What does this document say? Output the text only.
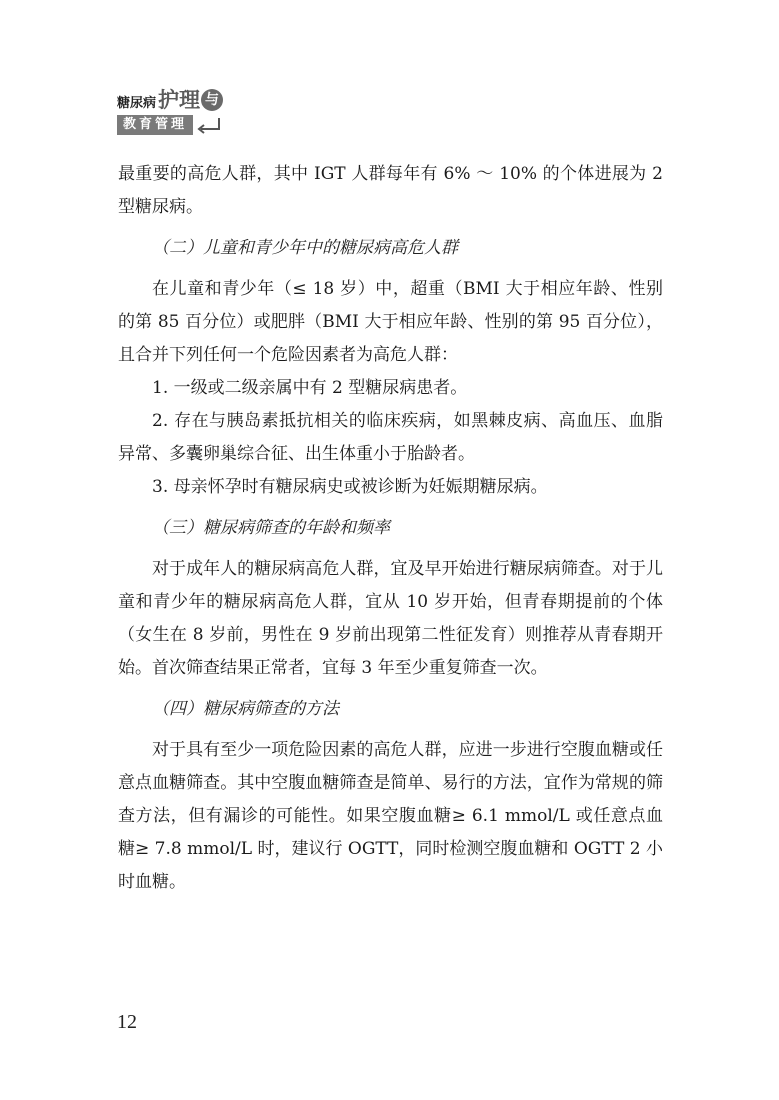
糖尿病 护理 与
教育管理

最重要的高危人群，其中 IGT 人群每年有 6% ～ 10% 的个体进展为 2 型糖尿病。

（二）儿童和青少年中的糖尿病高危人群

在儿童和青少年（≤ 18 岁）中，超重（BMI 大于相应年龄、性别的第 85 百分位）或肥胖（BMI 大于相应年龄、性别的第 95 百分位），且合并下列任何一个危险因素者为高危人群：

1. 一级或二级亲属中有 2 型糖尿病患者。

2. 存在与胰岛素抵抗相关的临床疾病，如黑棘皮病、高血压、血脂异常、多囊卵巢综合征、出生体重小于胎龄者。

3. 母亲怀孕时有糖尿病史或被诊断为妊娠期糖尿病。

（三）糖尿病筛查的年龄和频率

对于成年人的糖尿病高危人群，宜及早开始进行糖尿病筛查。对于儿童和青少年的糖尿病高危人群，宜从 10 岁开始，但青春期提前的个体（女生在 8 岁前，男性在 9 岁前出现第二性征发育）则推荐从青春期开始。首次筛查结果正常者，宜每 3 年至少重复筛查一次。

（四）糖尿病筛查的方法

对于具有至少一项危险因素的高危人群，应进一步进行空腹血糖或任意点血糖筛查。其中空腹血糖筛查是简单、易行的方法，宜作为常规的筛查方法，但有漏诊的可能性。如果空腹血糖≥ 6.1 mmol/L 或任意点血糖≥ 7.8 mmol/L 时，建议行 OGTT，同时检测空腹血糖和 OGTT 2 小时血糖。

12
